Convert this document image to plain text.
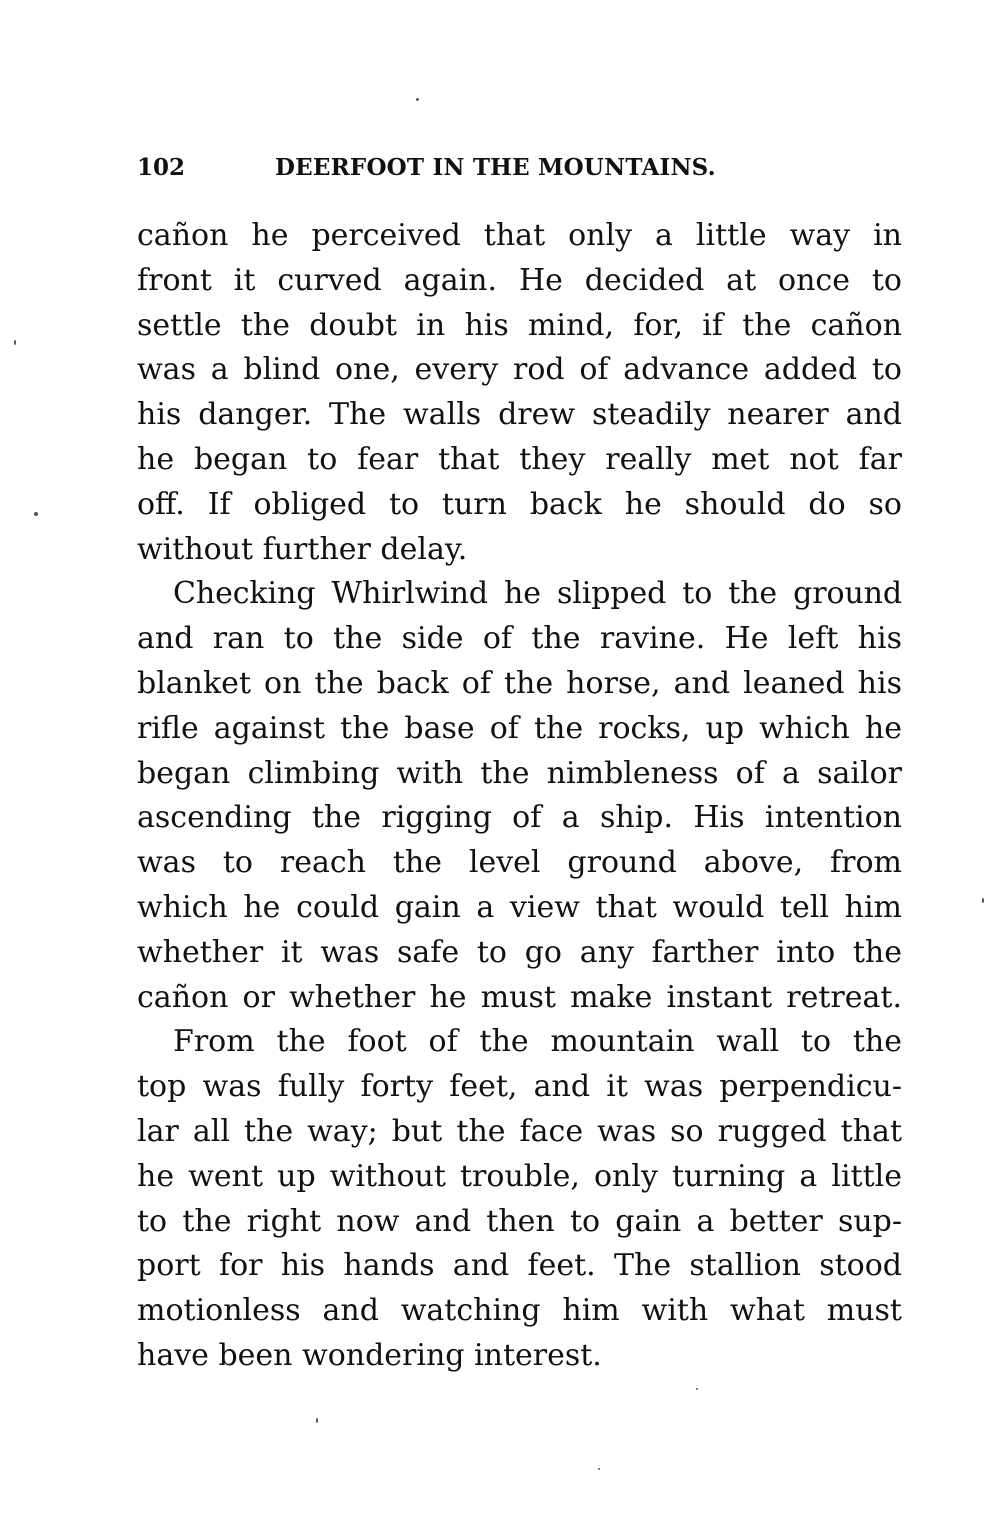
102	DEERFOOT IN THE MOUNTAINS.

cañon he perceived that only a little way in
front it curved again. He decided at once to
settle the doubt in his mind, for, if the cañon
was a blind one, every rod of advance added to
his danger. The walls drew steadily nearer and
he began to fear that they really met not far
off. If obliged to turn back he should do so
without further delay.

Checking Whirlwind he slipped to the ground
and ran to the side of the ravine. He left his
blanket on the back of the horse, and leaned his
rifle against the base of the rocks, up which he
began climbing with the nimbleness of a sailor
ascending the rigging of a ship. His intention
was to reach the level ground above, from
which he could gain a view that would tell him
whether it was safe to go any farther into the
cañon or whether he must make instant retreat.

From the foot of the mountain wall to the
top was fully forty feet, and it was perpendicu-
lar all the way; but the face was so rugged that
he went up without trouble, only turning a little
to the right now and then to gain a better sup-
port for his hands and feet. The stallion stood
motionless and watching him with what must
have been wondering interest.
